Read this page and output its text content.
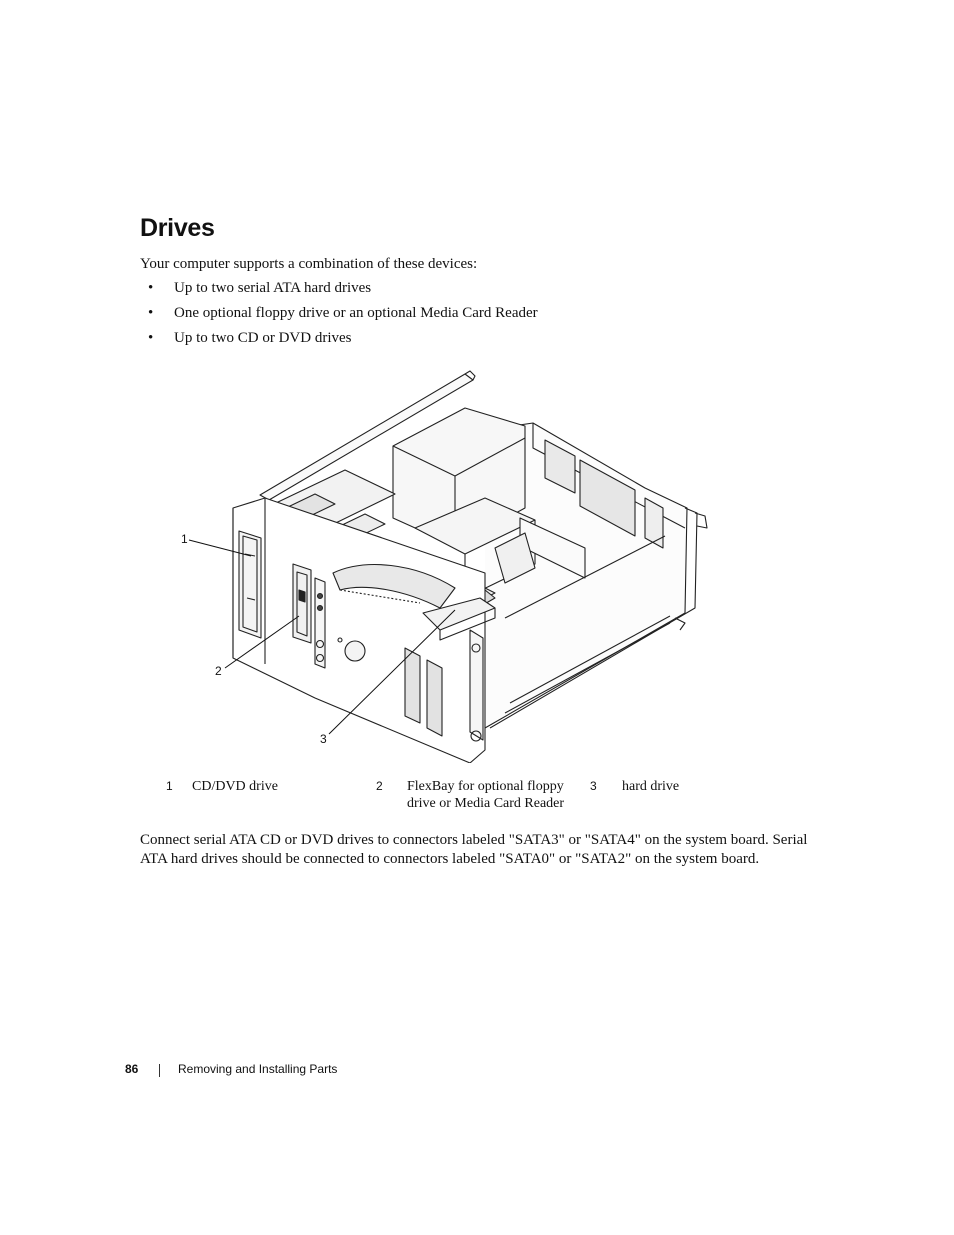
Drives
Your computer supports a combination of these devices:
• Up to two serial ATA hard drives
• One optional floppy drive or an optional Media Card Reader
• Up to two CD or DVD drives
1
2
3
1 CD/DVD drive	2 FlexBay for optional floppy
drive or Media Card Reader
3 hard drive
Connect serial ATA CD or DVD drives to connectors labeled "SATA3" or "SATA4" on the system board. Serial ATA hard drives should be connected to connectors labeled "SATA0" or "SATA2" on the system board.
86	Removing and Installing Parts
